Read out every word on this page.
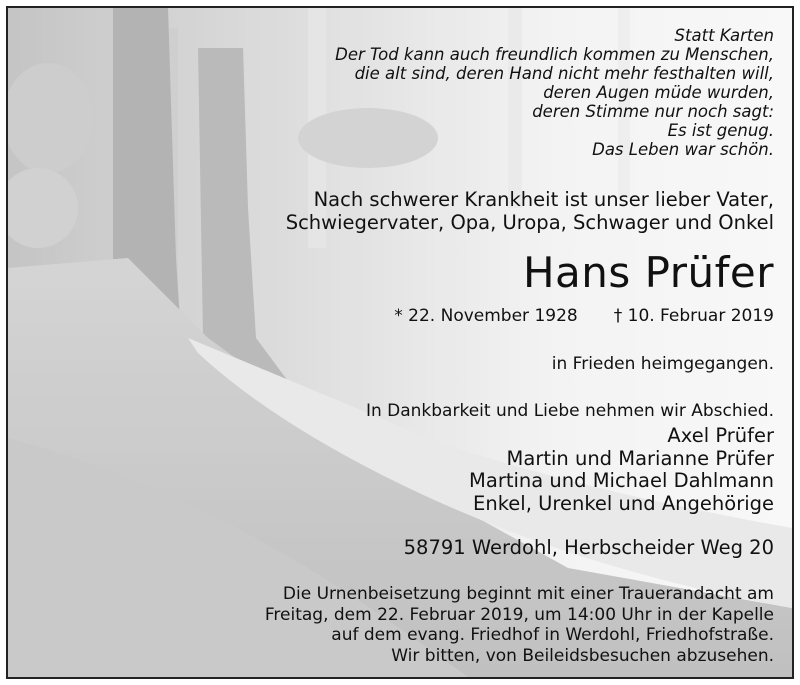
Statt Karten
Der Tod kann auch freundlich kommen zu Menschen,
die alt sind, deren Hand nicht mehr festhalten will,
deren Augen müde wurden,
deren Stimme nur noch sagt:
Es ist genug.
Das Leben war schön.
Nach schwerer Krankheit ist unser lieber Vater,
Schwiegervater, Opa, Uropa, Schwager und Onkel
Hans Prüfer
* 22. November 1928 † 10. Februar 2019
in Frieden heimgegangen.
In Dankbarkeit und Liebe nehmen wir Abschied.
Axel Prüfer
Martin und Marianne Prüfer
Martina und Michael Dahlmann
Enkel, Urenkel und Angehörige
58791 Werdohl, Herbscheider Weg 20
Die Urnenbeisetzung beginnt mit einer Trauerandacht am
Freitag, dem 22. Februar 2019, um 14:00 Uhr in der Kapelle
auf dem evang. Friedhof in Werdohl, Friedhofstraße.
Wir bitten, von Beileidsbesuchen abzusehen.
